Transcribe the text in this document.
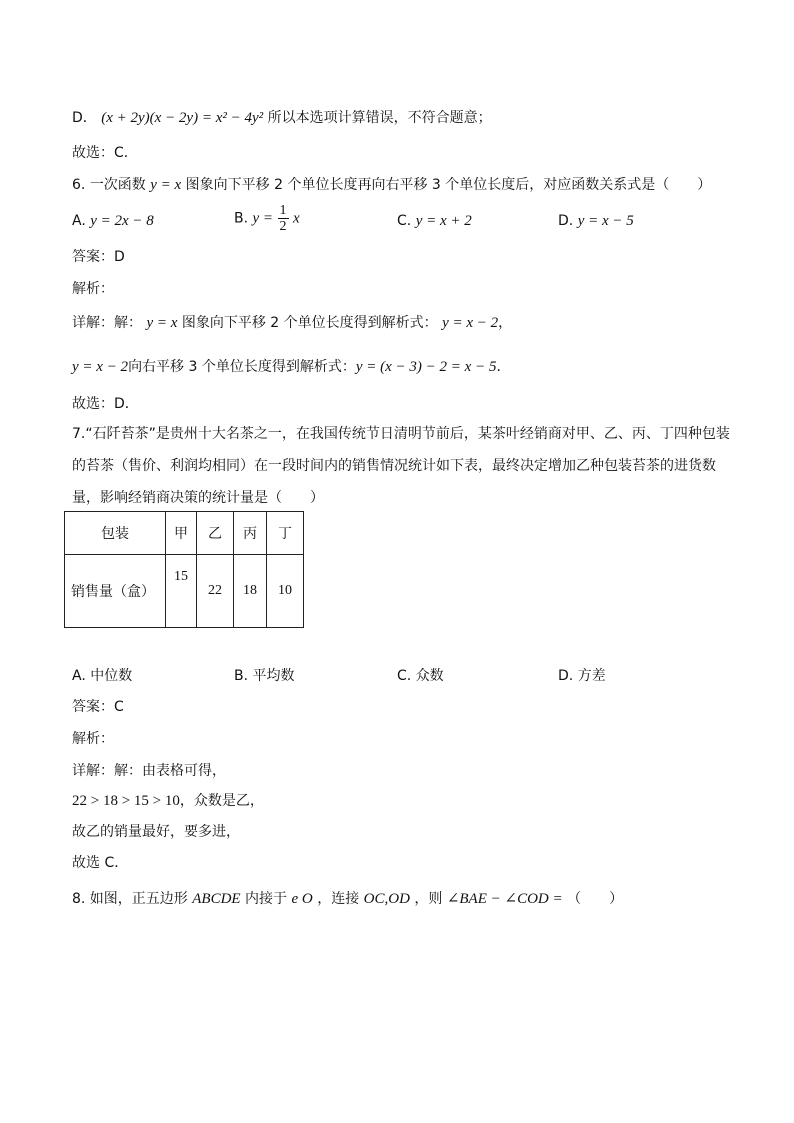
D． (x + 2y)(x − 2y) = x² − 4y² 所以本选项计算错误，不符合题意；
故选：C．
6. 一次函数 y = x 图象向下平移 2 个单位长度再向右平移 3 个单位长度后，对应函数关系式是（　　）
A. y = 2x − 8	B. $y = \frac{1}{2}$ x	C. y = x + 2	D. y = x − 5
答案：D
解析：
详解：解： y = x 图象向下平移 2 个单位长度得到解析式： y = x − 2，
y = x − 2向右平移 3 个单位长度得到解析式：y = (x − 3) − 2 = x − 5．
故选：D．
7.“石阡苔茶”是贵州十大名茶之一，在我国传统节日清明节前后，某茶叶经销商对甲、乙、丙、丁四种包装
的苔茶（售价、利润均相同）在一段时间内的销售情况统计如下表，最终决定增加乙种包装苔茶的进货数
量，影响经销商决策的统计量是（　　）
包装	甲	乙	丙	丁
销售量（盒）	15	22	18	10
A. 中位数	B. 平均数	C. 众数	D. 方差
答案：C
解析：
详解：解：由表格可得，
22 > 18 > 15 > 10，众数是乙，
故乙的销量最好，要多进，
故选 C．
8. 如图，正五边形 ABCDE 内接于 e O ，连接 OC,OD ，则 ∠BAE − ∠COD = （　　）
